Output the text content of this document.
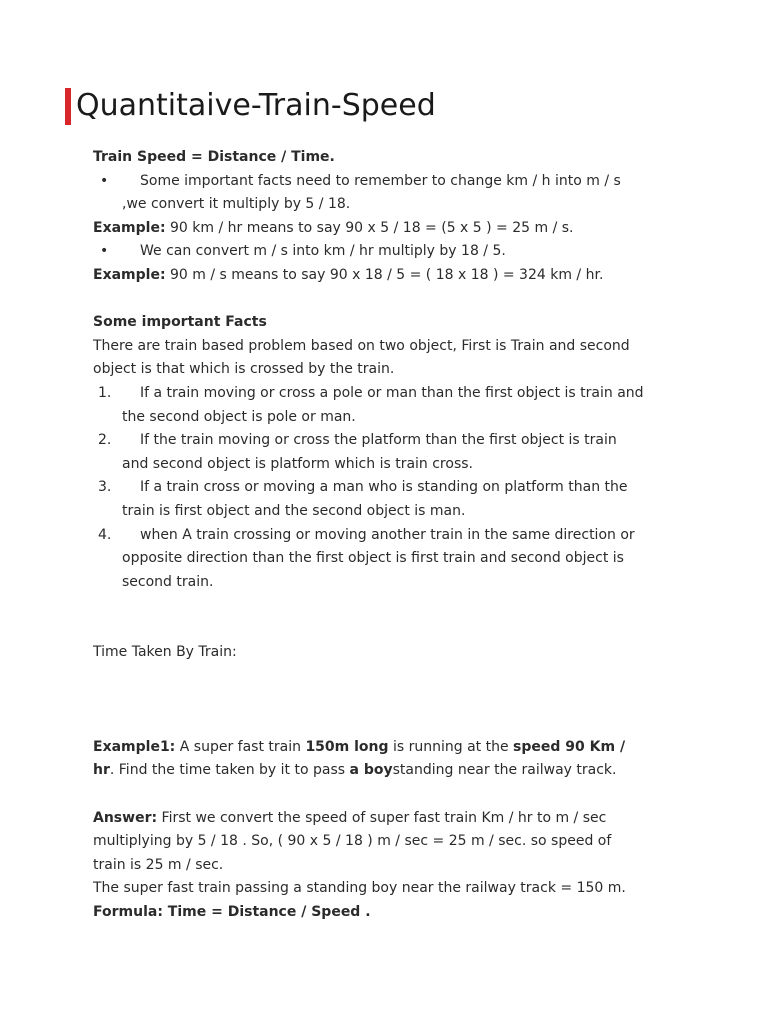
Quantitaive-Train-Speed
Train Speed = Distance / Time.
• Some important facts need to remember to change km / h into m / s
,we convert it multiply by 5 / 18.
Example: 90 km / hr means to say 90 x 5 / 18 = (5 x 5 ) = 25 m / s.
• We can convert m / s into km / hr multiply by 18 / 5.
Example: 90 m / s means to say 90 x 18 / 5 = ( 18 x 18 ) = 324 km / hr.
Some important Facts
There are train based problem based on two object, First is Train and second
object is that which is crossed by the train.
1. If a train moving or cross a pole or man than the first object is train and
the second object is pole or man.
2. If the train moving or cross the platform than the first object is train
and second object is platform which is train cross.
3. If a train cross or moving a man who is standing on platform than the
train is first object and the second object is man.
4. when A train crossing or moving another train in the same direction or
opposite direction than the first object is first train and second object is
second train.
Time Taken By Train:
Example1: A super fast train 150m long is running at the speed 90 Km /
hr. Find the time taken by it to pass a boystanding near the railway track.
Answer: First we convert the speed of super fast train Km / hr to m / sec
multiplying by 5 / 18 . So, ( 90 x 5 / 18 ) m / sec = 25 m / sec. so speed of
train is 25 m / sec.
The super fast train passing a standing boy near the railway track = 150 m.
Formula: Time = Distance / Speed .
